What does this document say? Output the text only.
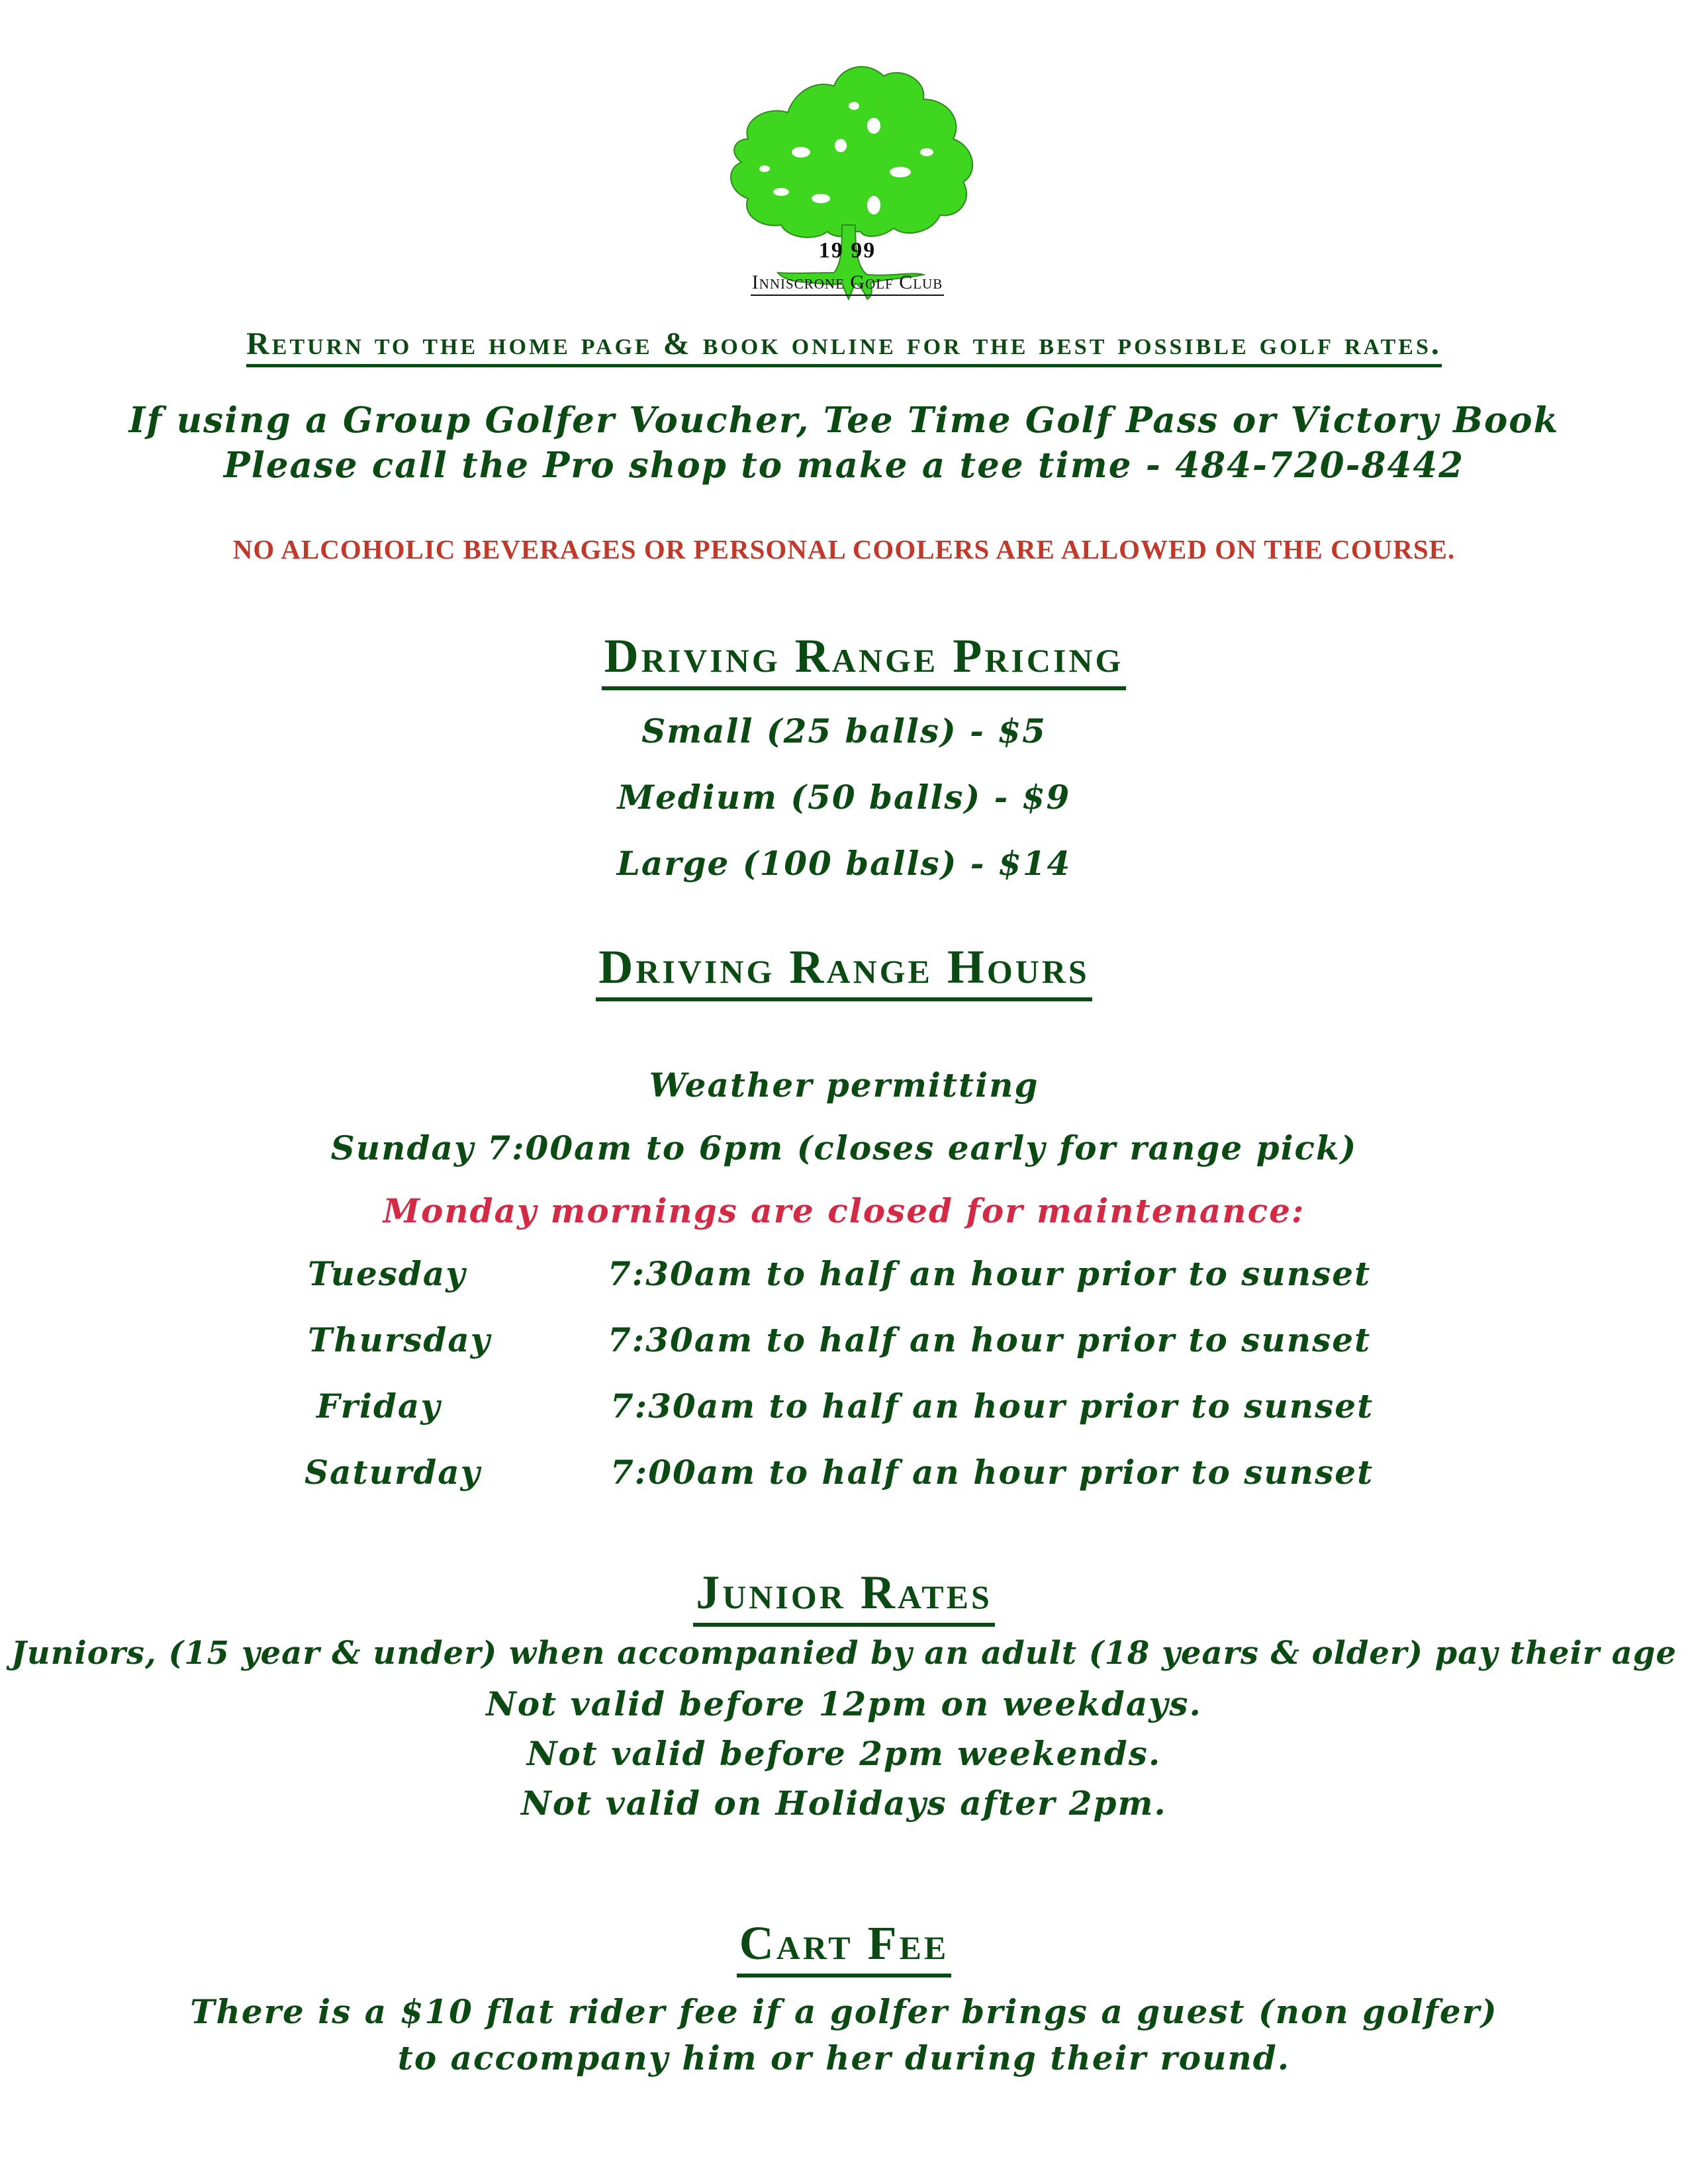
19 99
Inniscrone Golf Club
Return to the home page & book online for the best possible golf rates.
If using a Group Golfer Voucher, Tee Time Golf Pass or Victory Book
Please call the Pro shop to make a tee time - 484-720-8442
NO ALCOHOLIC BEVERAGES OR PERSONAL COOLERS ARE ALLOWED ON THE COURSE.
Driving Range Pricing
Small (25 balls) - $5
Medium (50 balls) - $9
Large (100 balls) - $14
Driving Range Hours
Weather permitting
Sunday 7:00am to 6pm (closes early for range pick)
Monday mornings are closed for maintenance:
Tuesday	7:30am to half an hour prior to sunset
Thursday	7:30am to half an hour prior to sunset
Friday	7:30am to half an hour prior to sunset
Saturday	7:00am to half an hour prior to sunset
Junior Rates
Juniors, (15 year & under) when accompanied by an adult (18 years & older) pay their age
Not valid before 12pm on weekdays.
Not valid before 2pm weekends.
Not valid on Holidays after 2pm.
Cart Fee
There is a $10 flat rider fee if a golfer brings a guest (non golfer)
to accompany him or her during their round.
